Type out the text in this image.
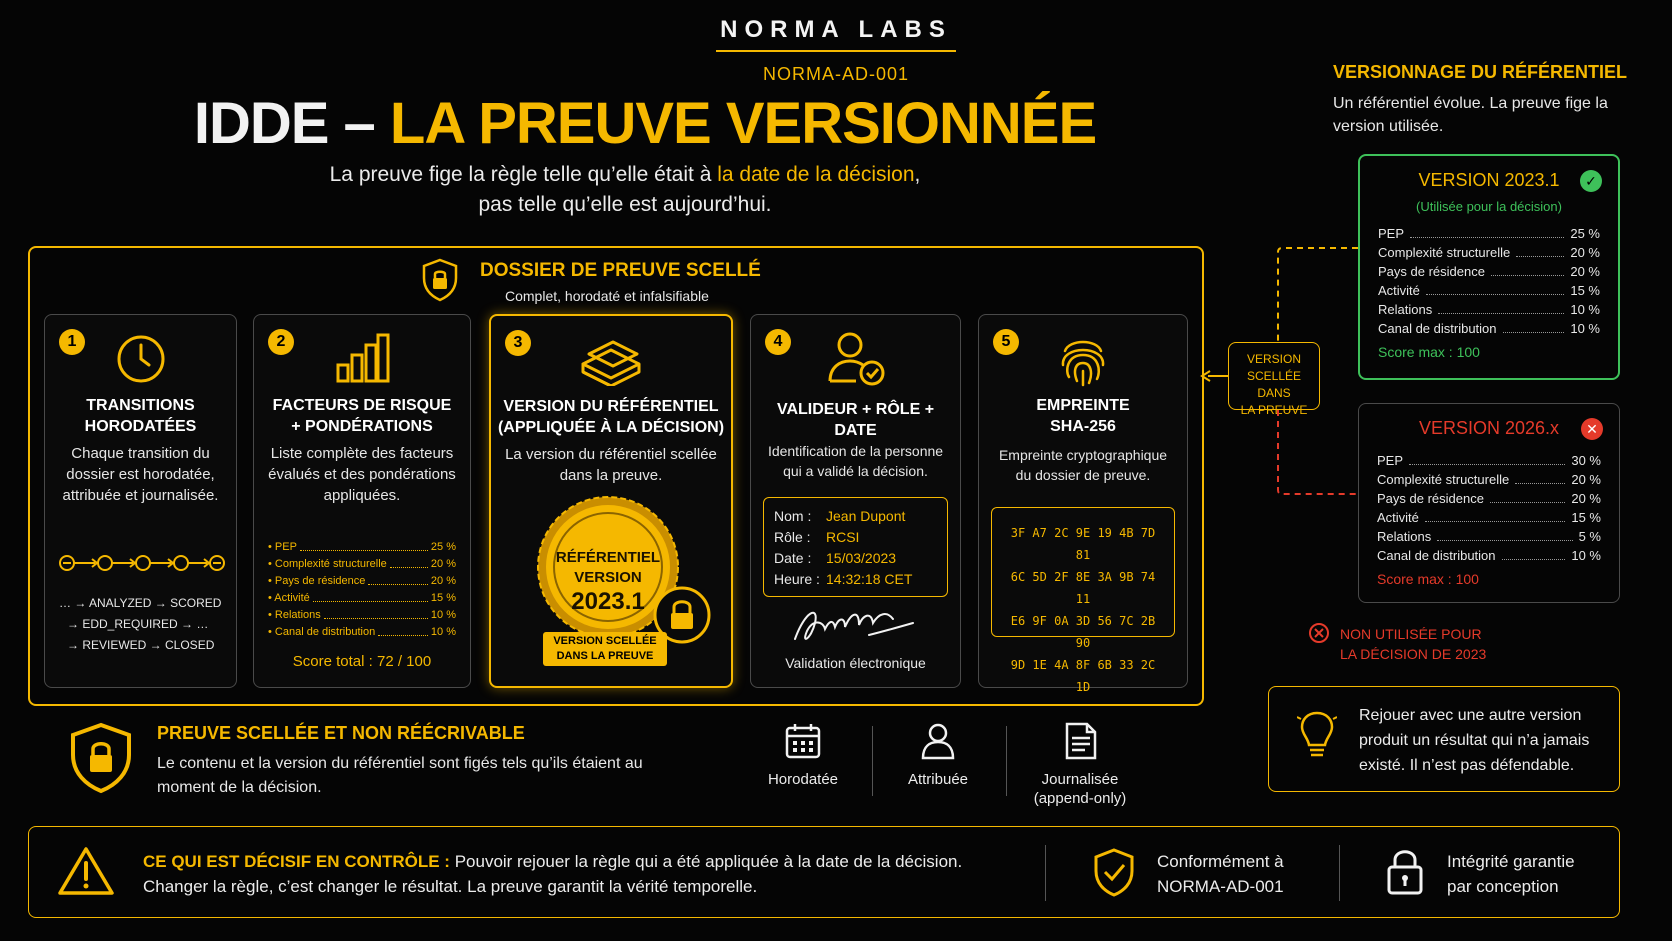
NORMA LABS
NORMA-AD-001
IDDE – LA PREUVE VERSIONNÉE
La preuve fige la règle telle qu’elle était à la date de la décision,
pas telle qu’elle est aujourd’hui.
VERSIONNAGE DU RÉFÉRENTIEL
Un référentiel évolue. La preuve fige la version utilisée.
VERSION 2023.1	✓
(Utilisée pour la décision)
PEP	25 %
Complexité structurelle	20 %
Pays de résidence	20 %
Activité	15 %
Relations	10 %
Canal de distribution	10 %
Score max : 100
VERSION 2026.x	✕
PEP	30 %
Complexité structurelle	20 %
Pays de résidence	20 %
Activité	15 %
Relations	5 %
Canal de distribution	10 %
Score max : 100
VERSION
SCELLÉE DANS
LA PREUVE
NON UTILISÉE POUR
LA DÉCISION DE 2023
Rejouer avec une autre version produit un résultat qui n’a jamais existé. Il n’est pas défendable.
DOSSIER DE PREUVE SCELLÉ
Complet, horodaté et infalsifiable
1
TRANSITIONS
HORODATÉES
Chaque transition du dossier est horodatée, attribuée et journalisée.
… → ANALYZED → SCORED
→ EDD_REQUIRED → …
→ REVIEWED → CLOSED
2
FACTEURS DE RISQUE
+ PONDÉRATIONS
Liste complète des facteurs évalués et des pondérations appliquées.
• PEP	25 %
• Complexité structurelle	20 %
• Pays de résidence	20 %
• Activité	15 %
• Relations	10 %
• Canal de distribution	10 %
Score total : 72 / 100
3
VERSION DU RÉFÉRENTIEL
(APPLIQUÉE À LA DÉCISION)
La version du référentiel scellée dans la preuve.
RÉFÉRENTIEL
VERSION
2023.1
VERSION SCELLÉE
DANS LA PREUVE
4
VALIDEUR + RÔLE + DATE
Identification de la personne qui a validé la décision.
Nom :	Jean Dupont
Rôle :	RCSI
Date :	15/03/2023
Heure : 14:32:18 CET
Validation électronique
5
EMPREINTE
SHA-256
Empreinte cryptographique du dossier de preuve.
3F A7 2C 9E 19 4B 7D 81
6C 5D 2F 8E 3A 9B 74 11
E6 9F 0A 3D 56 7C 2B 90
9D 1E 4A 8F 6B 33 2C 1D
PREUVE SCELLÉE ET NON RÉÉCRIVABLE
Le contenu et la version du référentiel sont figés tels qu’ils étaient au moment de la décision.	Horodatée	Attribuée	Journalisée
(append-only)
CE QUI EST DÉCISIF EN CONTRÔLE : Pouvoir rejouer la règle qui a été appliquée à la date de la décision.
Changer la règle, c’est changer le résultat. La preuve garantit la vérité temporelle.
Conformément à
NORMA-AD-001
Intégrité garantie
par conception
